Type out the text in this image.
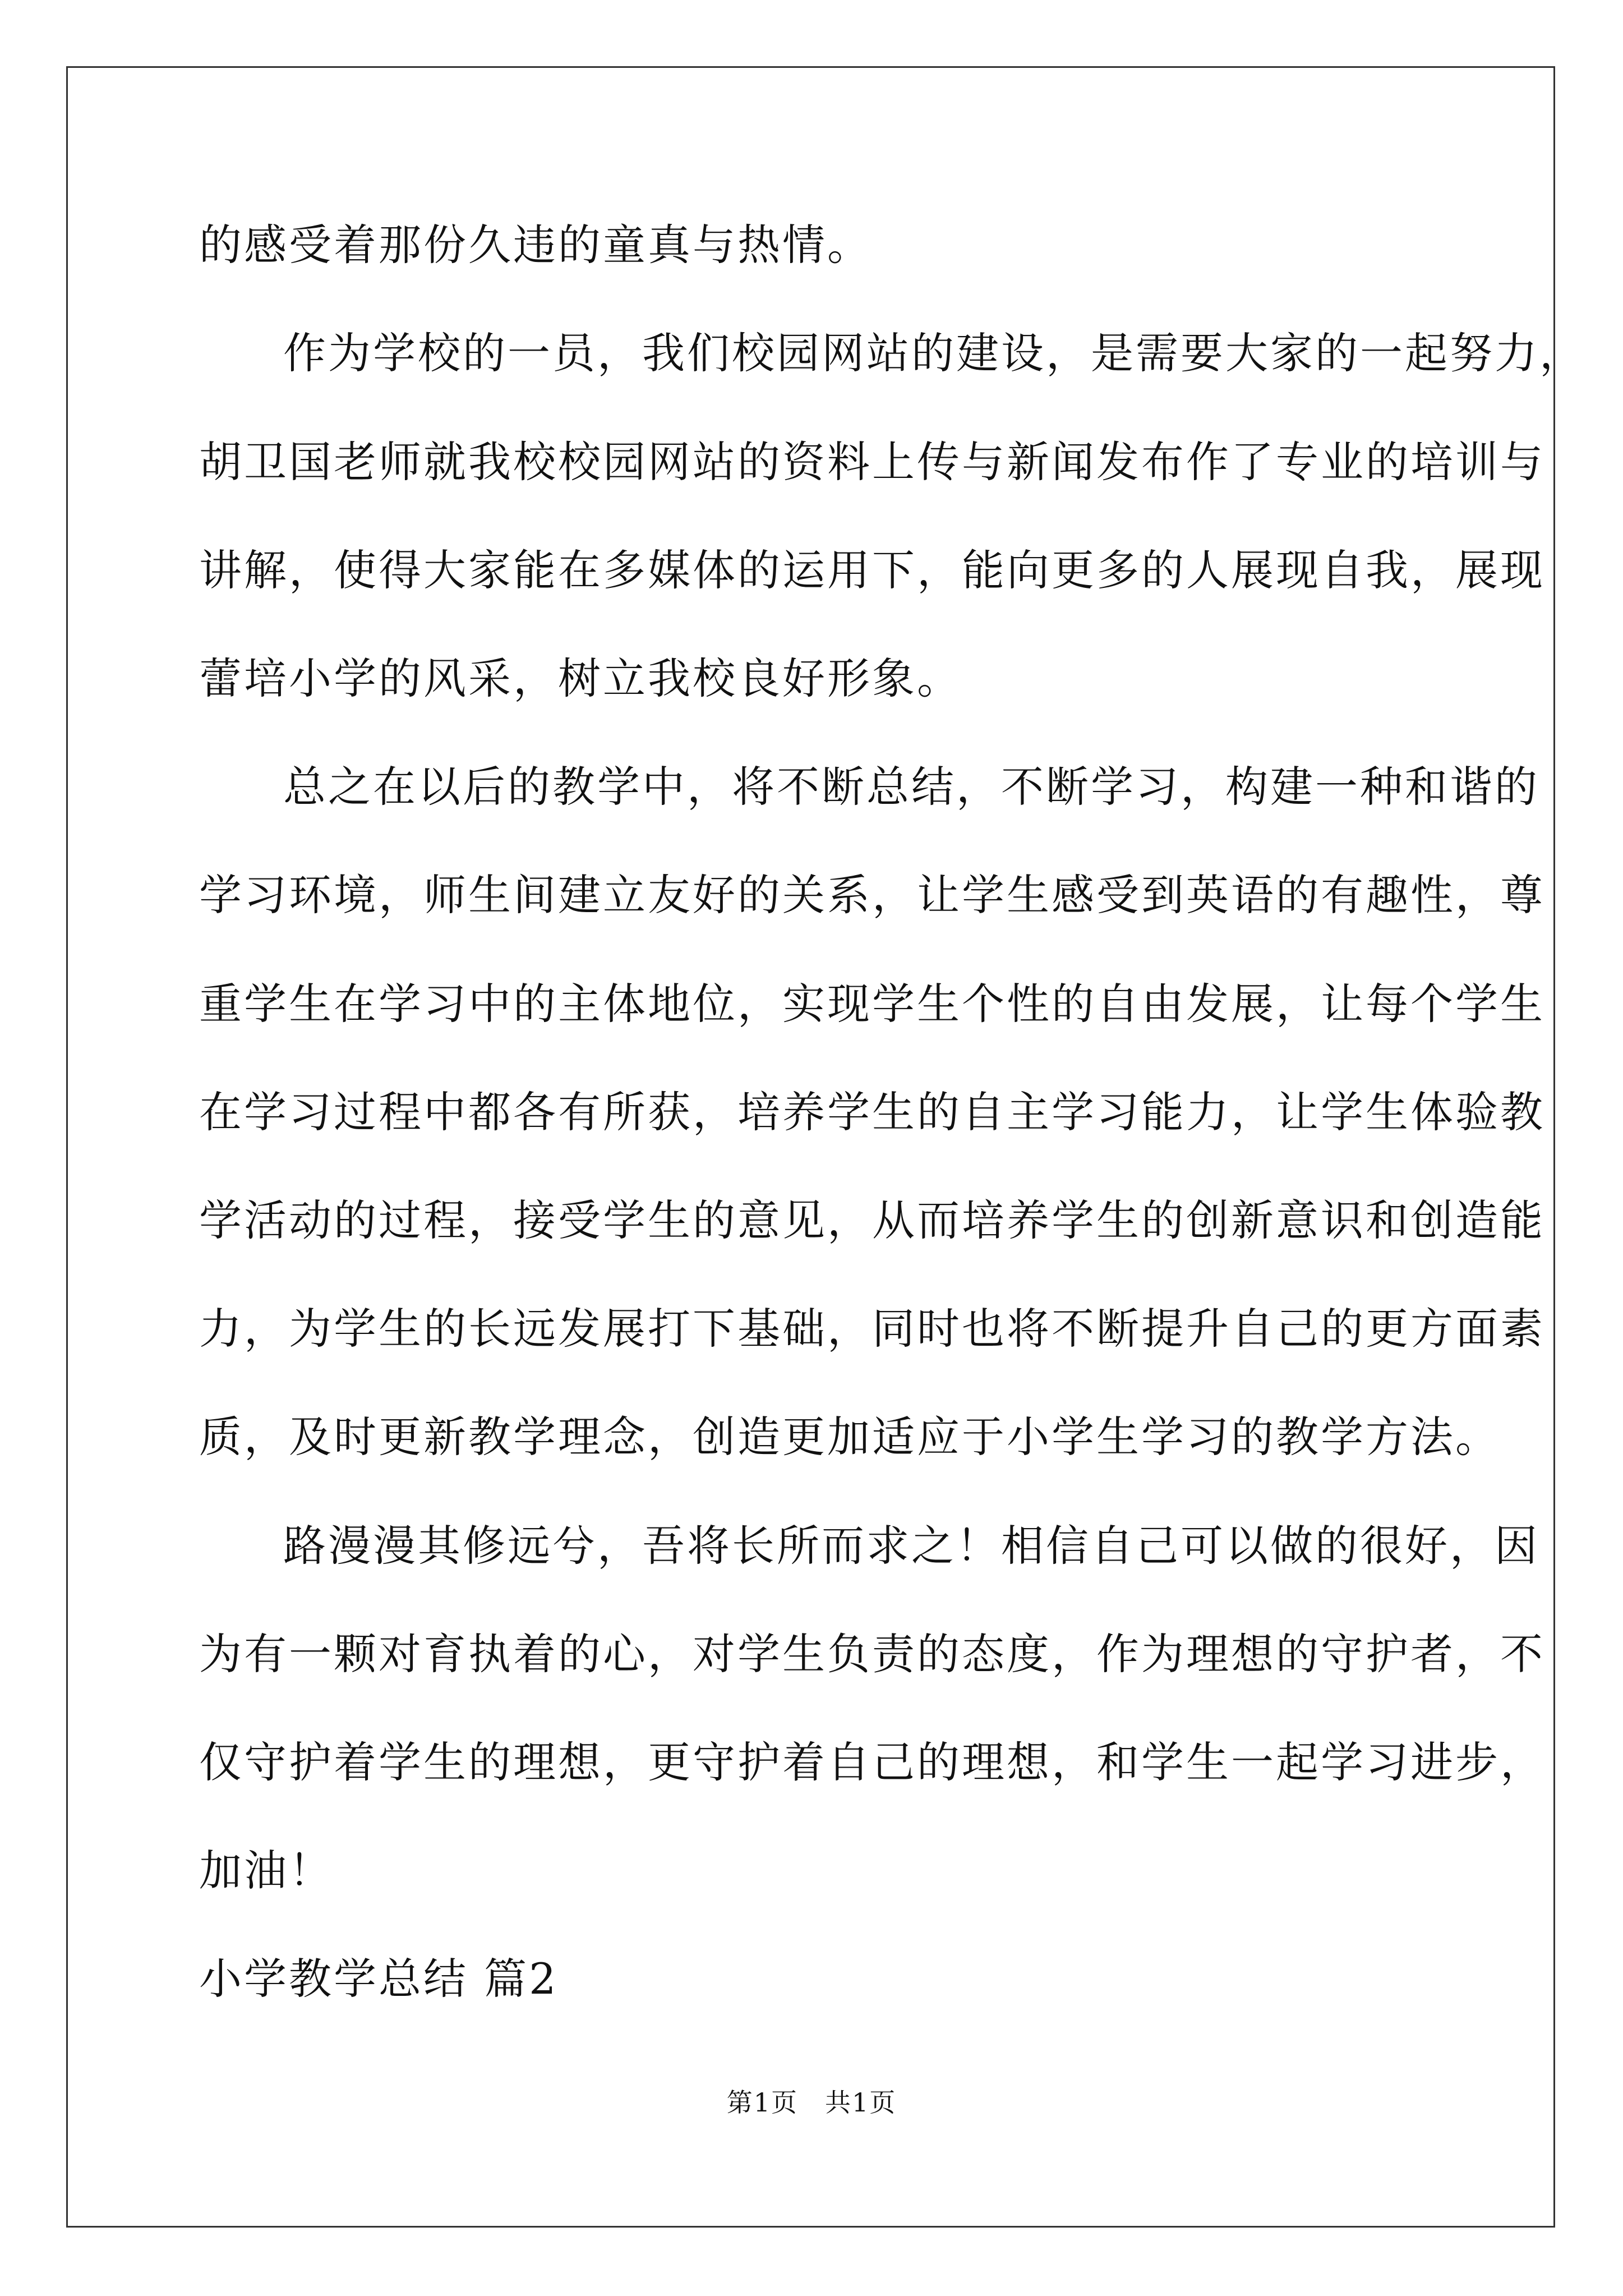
的感受着那份久违的童真与热情。
作为学校的一员，我们校园网站的建设，是需要大家的一起努力，
胡卫国老师就我校校园网站的资料上传与新闻发布作了专业的培训与
讲解，使得大家能在多媒体的运用下，能向更多的人展现自我，展现
蕾培小学的风采，树立我校良好形象。
总之在以后的教学中，将不断总结，不断学习，构建一种和谐的
学习环境，师生间建立友好的关系，让学生感受到英语的有趣性，尊
重学生在学习中的主体地位，实现学生个性的自由发展，让每个学生
在学习过程中都各有所获，培养学生的自主学习能力，让学生体验教
学活动的过程，接受学生的意见，从而培养学生的创新意识和创造能
力，为学生的长远发展打下基础，同时也将不断提升自己的更方面素
质，及时更新教学理念，创造更加适应于小学生学习的教学方法。
路漫漫其修远兮，吾将长所而求之！相信自己可以做的很好，因
为有一颗对育执着的心，对学生负责的态度，作为理想的守护者，不
仅守护着学生的理想，更守护着自己的理想，和学生一起学习进步，
加油！
小学教学总结 篇2
第1页　共1页
